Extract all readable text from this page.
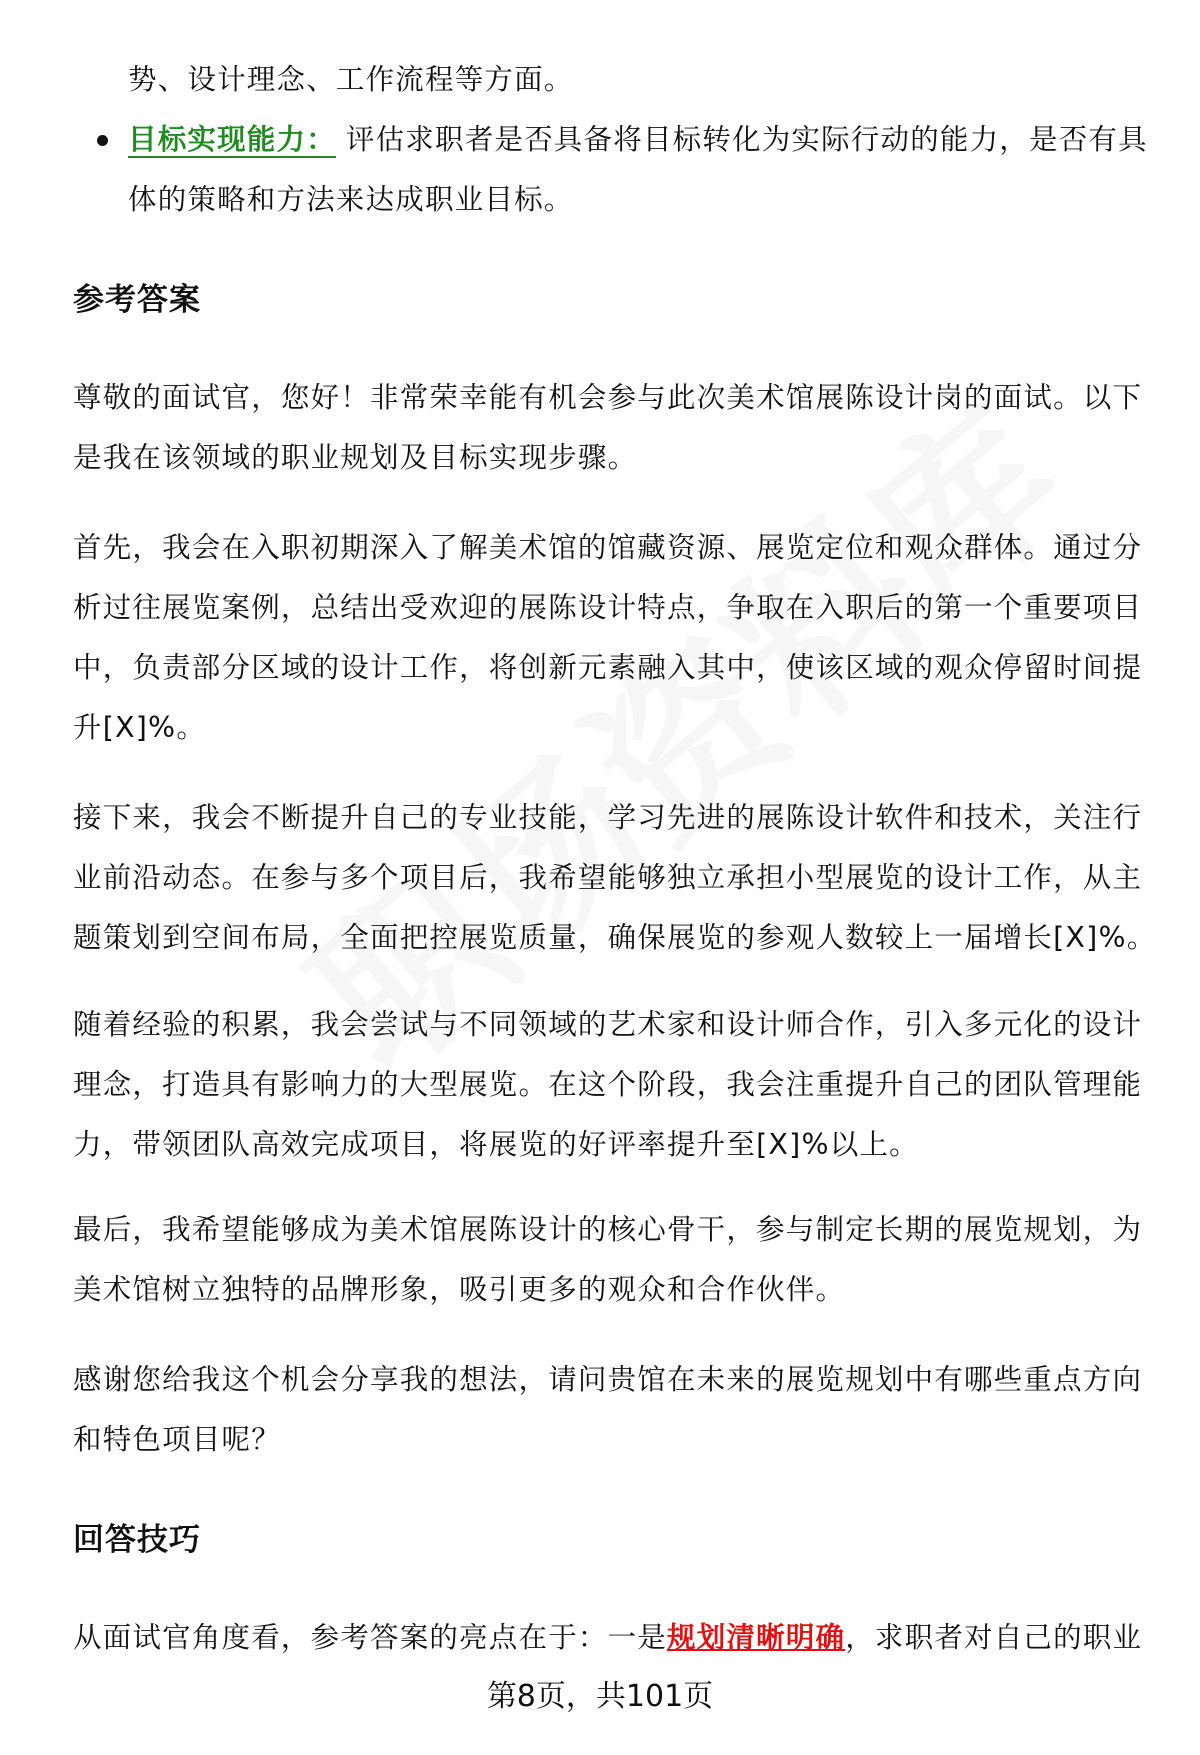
势、设计理念、工作流程等方面。
目标实现能力： 评估求职者是否具备将目标转化为实际行动的能力，是否有具
体的策略和方法来达成职业目标。
参考答案
尊敬的面试官，您好！非常荣幸能有机会参与此次美术馆展陈设计岗的面试。以下
是我在该领域的职业规划及目标实现步骤。
首先，我会在入职初期深入了解美术馆的馆藏资源、展览定位和观众群体。通过分
析过往展览案例，总结出受欢迎的展陈设计特点，争取在入职后的第一个重要项目
中，负责部分区域的设计工作，将创新元素融入其中，使该区域的观众停留时间提
升[X]%。
接下来，我会不断提升自己的专业技能，学习先进的展陈设计软件和技术，关注行
业前沿动态。在参与多个项目后，我希望能够独立承担小型展览的设计工作，从主
题策划到空间布局，全面把控展览质量，确保展览的参观人数较上一届增长[X]%。
随着经验的积累，我会尝试与不同领域的艺术家和设计师合作，引入多元化的设计
理念，打造具有影响力的大型展览。在这个阶段，我会注重提升自己的团队管理能
力，带领团队高效完成项目，将展览的好评率提升至[X]%以上。
最后，我希望能够成为美术馆展陈设计的核心骨干，参与制定长期的展览规划，为
美术馆树立独特的品牌形象，吸引更多的观众和合作伙伴。
感谢您给我这个机会分享我的想法，请问贵馆在未来的展览规划中有哪些重点方向
和特色项目呢？
回答技巧
从面试官角度看，参考答案的亮点在于：一是规划清晰明确，求职者对自己的职业
第8页，共101页
